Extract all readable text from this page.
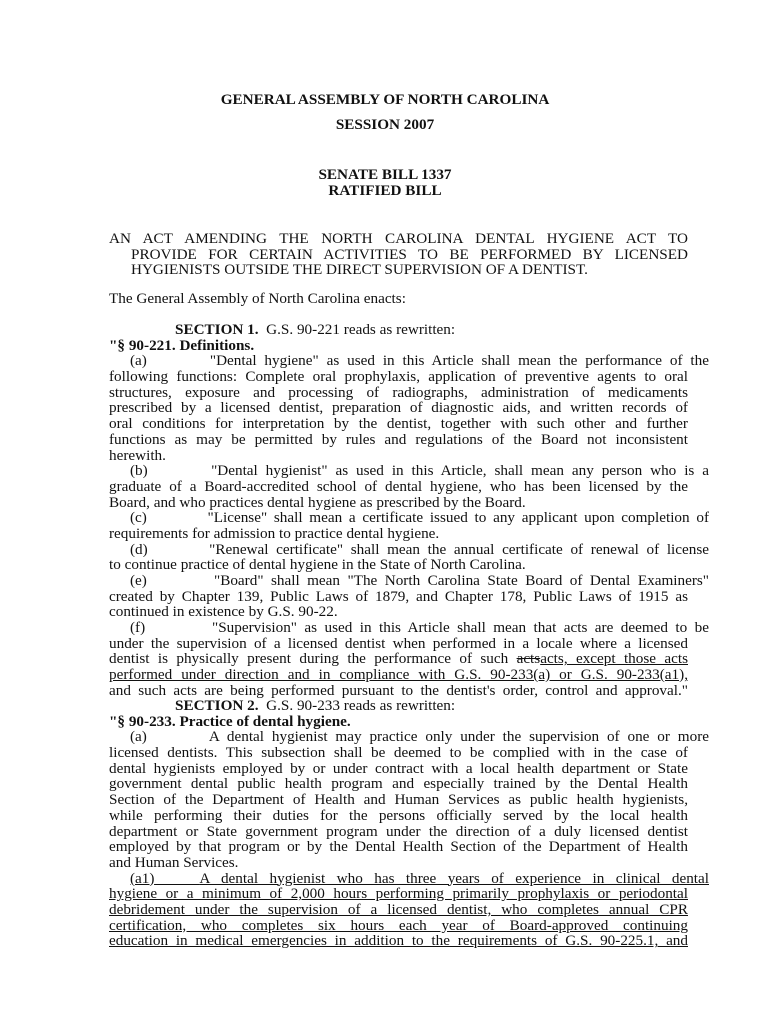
GENERAL ASSEMBLY OF NORTH CAROLINA
SESSION 2007
SENATE BILL 1337
RATIFIED BILL
AN ACT AMENDING THE NORTH CAROLINA DENTAL HYGIENE ACT TO
PROVIDE FOR CERTAIN ACTIVITIES TO BE PERFORMED BY LICENSED
HYGIENISTS OUTSIDE THE DIRECT SUPERVISION OF A DENTIST.
The General Assembly of North Carolina enacts:
SECTION 1. G.S. 90-221 reads as rewritten:
"§ 90-221. Definitions.
(a)	"Dental hygiene" as used in this Article shall mean the performance of the
following functions: Complete oral prophylaxis, application of preventive agents to oral
structures, exposure and processing of radiographs, administration of medicaments
prescribed by a licensed dentist, preparation of diagnostic aids, and written records of
oral conditions for interpretation by the dentist, together with such other and further
functions as may be permitted by rules and regulations of the Board not inconsistent
herewith.
(b)	"Dental hygienist" as used in this Article, shall mean any person who is a
graduate of a Board-accredited school of dental hygiene, who has been licensed by the
Board, and who practices dental hygiene as prescribed by the Board.
(c)	"License" shall mean a certificate issued to any applicant upon completion of
requirements for admission to practice dental hygiene.
(d)	"Renewal certificate" shall mean the annual certificate of renewal of license
to continue practice of dental hygiene in the State of North Carolina.
(e)	"Board" shall mean "The North Carolina State Board of Dental Examiners"
created by Chapter 139, Public Laws of 1879, and Chapter 178, Public Laws of 1915 as
continued in existence by G.S. 90-22.
(f)	"Supervision" as used in this Article shall mean that acts are deemed to be
under the supervision of a licensed dentist when performed in a locale where a licensed
dentist is physically present during the performance of such actsacts, except those acts
performed under direction and in compliance with G.S. 90-233(a) or G.S. 90-233(a1),
and such acts are being performed pursuant to the dentist's order, control and approval."
SECTION 2. G.S. 90-233 reads as rewritten:
"§ 90-233. Practice of dental hygiene.
(a)	A dental hygienist may practice only under the supervision of one or more
licensed dentists. This subsection shall be deemed to be complied with in the case of
dental hygienists employed by or under contract with a local health department or State
government dental public health program and especially trained by the Dental Health
Section of the Department of Health and Human Services as public health hygienists,
while performing their duties for the persons officially served by the local health
department or State government program under the direction of a duly licensed dentist
employed by that program or by the Dental Health Section of the Department of Health
and Human Services.
(a1)	A dental hygienist who has three years of experience in clinical dental
hygiene or a minimum of 2,000 hours performing primarily prophylaxis or periodontal
debridement under the supervision of a licensed dentist, who completes annual CPR
certification, who completes six hours each year of Board-approved continuing
education in medical emergencies in addition to the requirements of G.S. 90-225.1, and
